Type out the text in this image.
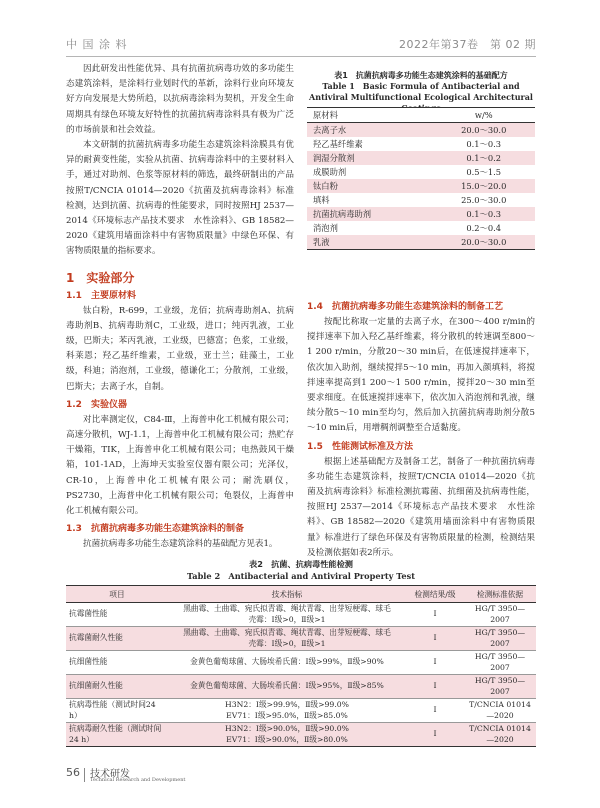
中 国 涂 料	2022年第37卷　第 02 期

因此研发出性能优异、具有抗菌抗病毒功效的多功能生态建筑涂料，是涂料行业划时代的革新，涂料行业向环境友好方向发展是大势所趋，以抗病毒涂料为契机，开发全生命周期具有绿色环境友好特性的抗菌抗病毒涂料具有极为广泛的市场前景和社会效益。

本文研制的抗菌抗病毒多功能生态建筑涂料涂膜具有优异的耐黄变性能，实验从抗菌、抗病毒涂料中的主要材料入手，通过对助剂、色浆等原材料的筛选，最终研制出的产品按照T/CNCIA 01014—2020《抗菌及抗病毒涂料》标准检测，达到抗菌、抗病毒的性能要求，同时按照HJ 2537—2014《环境标志产品技术要求　水性涂料》、GB 18582—2020《建筑用墙面涂料中有害物质限量》中绿色环保、有害物质限量的指标要求。

1　实验部分
1.1　主要原材料

钛白粉，R-699，工业级，龙佰；抗病毒助剂A、抗病毒助剂B、抗病毒助剂C，工业级，进口；纯丙乳液，工业级，巴斯夫；苯丙乳液，工业级，巴德富；色浆，工业级，科莱恩；羟乙基纤维素，工业级，亚士兰；硅藻土，工业级，科迪；消泡剂，工业级，德谦化工；分散剂，工业级，巴斯夫；去离子水，自制。

1.2　实验仪器

对比率测定仪，C84-Ⅲ，上海普申化工机械有限公司；高速分散机，WJ-1.1，上海普申化工机械有限公司；热贮存干燥箱，TIK，上海普申化工机械有限公司；电热鼓风干燥箱，101-1AD，上海坤天实验室仪器有限公司；光泽仪，CR-10，上海普申化工机械有限公司；耐洗刷仪，PS2730，上海普申化工机械有限公司；龟裂仪，上海普申化工机械有限公司。

1.3　抗菌抗病毒多功能生态建筑涂料的制备

抗菌抗病毒多功能生态建筑涂料的基础配方见表1。

表1　抗菌抗病毒多功能生态建筑涂料的基础配方
Table 1　Basic Formula of Antibacterial and Antiviral Multifunctional Ecological Architectural
原材料	w/%
去离子水	20.0～30.0
羟乙基纤维素	0.1～0.3
润湿分散剂	0.1～0.2
成膜助剂	0.5～1.5
钛白粉	15.0～20.0
填料	25.0～30.0
抗菌抗病毒助剂	0.1～0.3
消泡剂	0.2～0.4
乳液	20.0～30.0
1.4　抗菌抗病毒多功能生态建筑涂料的制备工艺

按配比称取一定量的去离子水，在300～400 r/min的搅拌速率下加入羟乙基纤维素，将分散机的转速调至800～1 200 r/min，分散20～30 min后，在低速搅拌速率下，依次加入助剂，继续搅拌5～10 min，再加入颜填料，将搅拌速率提高到1 200～1 500 r/min，搅拌20～30 min至要求细度。在低速搅拌速率下，依次加入消泡剂和乳液，继续分散5～10 min至均匀，然后加入抗菌抗病毒助剂分散5～10 min后，用增稠剂调整至合适黏度。

1.5　性能测试标准及方法

根据上述基础配方及制备工艺，制备了一种抗菌抗病毒多功能生态建筑涂料，按照T/CNCIA 01014—2020《抗菌及抗病毒涂料》标准检测抗霉菌、抗细菌及抗病毒性能，按照HJ 2537—2014《环境标志产品技术要求　水性涂料》、GB 18582—2020《建筑用墙面涂料中有害物质限量》标准进行了绿色环保及有害物质限量的检测，检测结果及检测依据如表2所示。

表2　抗菌、抗病毒性能检测
Table 2　Antibacterial and Antiviral Property Test
项目	技术指标	检测结果/级	检测标准依据
抗霉菌性能	黑曲霉、土曲霉、宛氏拟青霉、绳状青霉、出芽短梗霉、球毛
壳霉：Ⅰ级>0，Ⅱ级>1	Ⅰ	HG/T 3950—2007
抗霉菌耐久性能	黑曲霉、土曲霉、宛氏拟青霉、绳状青霉、出芽短梗霉、球毛
壳霉：Ⅰ级>0，Ⅱ级>1	Ⅰ	HG/T 3950—2007
抗细菌性能	金黄色葡萄球菌、大肠埃希氏菌：Ⅰ级>99%，Ⅱ级>90%	Ⅰ	HG/T 3950—2007
抗细菌耐久性能	金黄色葡萄球菌、大肠埃希氏菌：Ⅰ级>95%，Ⅱ级>85%	Ⅰ	HG/T 3950—2007
抗病毒性能（测试时间24 h）	H3N2：Ⅰ级>99.9%，Ⅱ级>99.0%
EV71：Ⅰ级>95.0%，Ⅱ级>85.0%	Ⅰ	T/CNCIA 01014—2020
抗病毒耐久性能（测试时间24 h）	H3N2：Ⅰ级>90.0%，Ⅱ级>90.0%
EV71：Ⅰ级>90.0%，Ⅱ级>80.0%	Ⅰ	T/CNCIA 01014—2020
56 技术研发
Technical Research and Development
